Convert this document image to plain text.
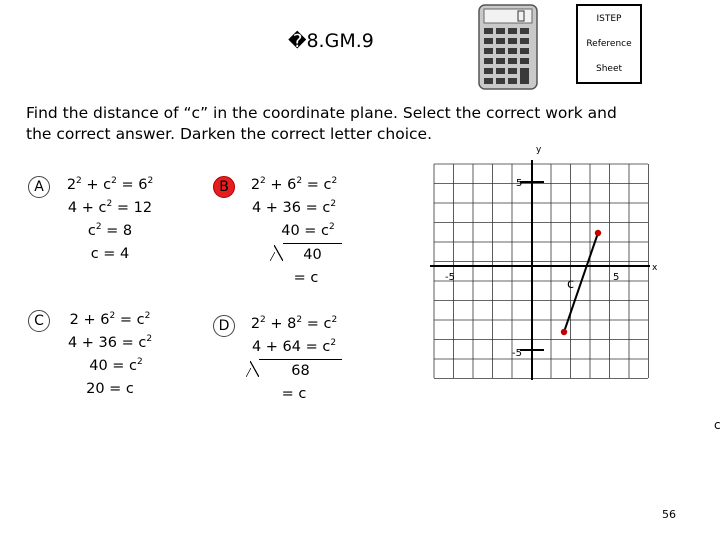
�8.GM.9
ISTEP
Reference
Sheet
Find the distance of “c” in the coordinate plane. Select the correct work and the correct answer. Darken the correct letter choice.
A	$2^2 + c^2 = 6^2$
$4 + c^2 = 12$
$c^2 = 8$
c = 4
B	$2^2 + 6^2 = c^2$
$4 + 36 = c^2$
$40 = c^2$
40
= c
C	$2 + 6^2 = c^2$
$4 + 36 = c^2$
$40 = c^2$
20 = c
D	$2^2 + 8^2 = c^2$
$4 + 64 = c^2$
68
= c
y
x
5
-5
5
-5	c
56
c
